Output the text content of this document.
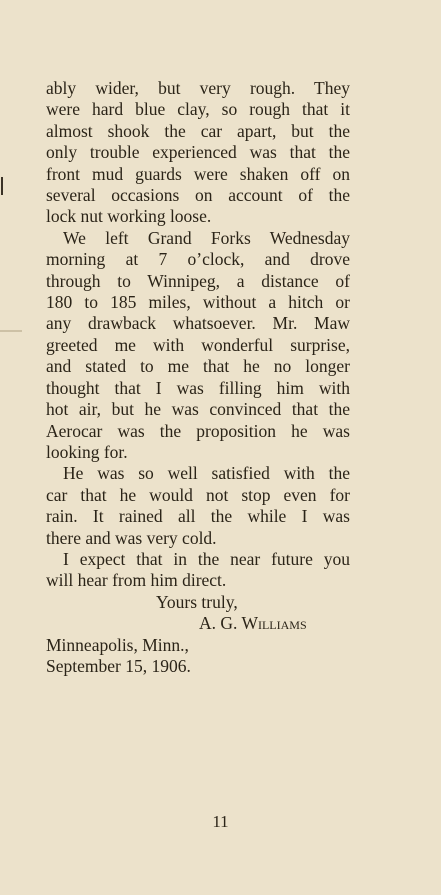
ably wider, but very rough. They
were hard blue clay, so rough that it
almost shook the car apart, but the
only trouble experienced was that the
front mud guards were shaken off on
several occasions on account of the
lock nut working loose.

We left Grand Forks Wednesday
morning at 7 o’clock, and drove
through to Winnipeg, a distance of
180 to 185 miles, without a hitch or
any drawback whatsoever. Mr. Maw
greeted me with wonderful surprise,
and stated to me that he no longer
thought that I was filling him with
hot air, but he was convinced that the
Aerocar was the proposition he was
looking for.

He was so well satisfied with the
car that he would not stop even for
rain. It rained all the while I was
there and was very cold.

I expect that in the near future you
will hear from him direct.

Yours truly,
A. G. Williams
Minneapolis, Minn.,
September 15, 1906.
11
